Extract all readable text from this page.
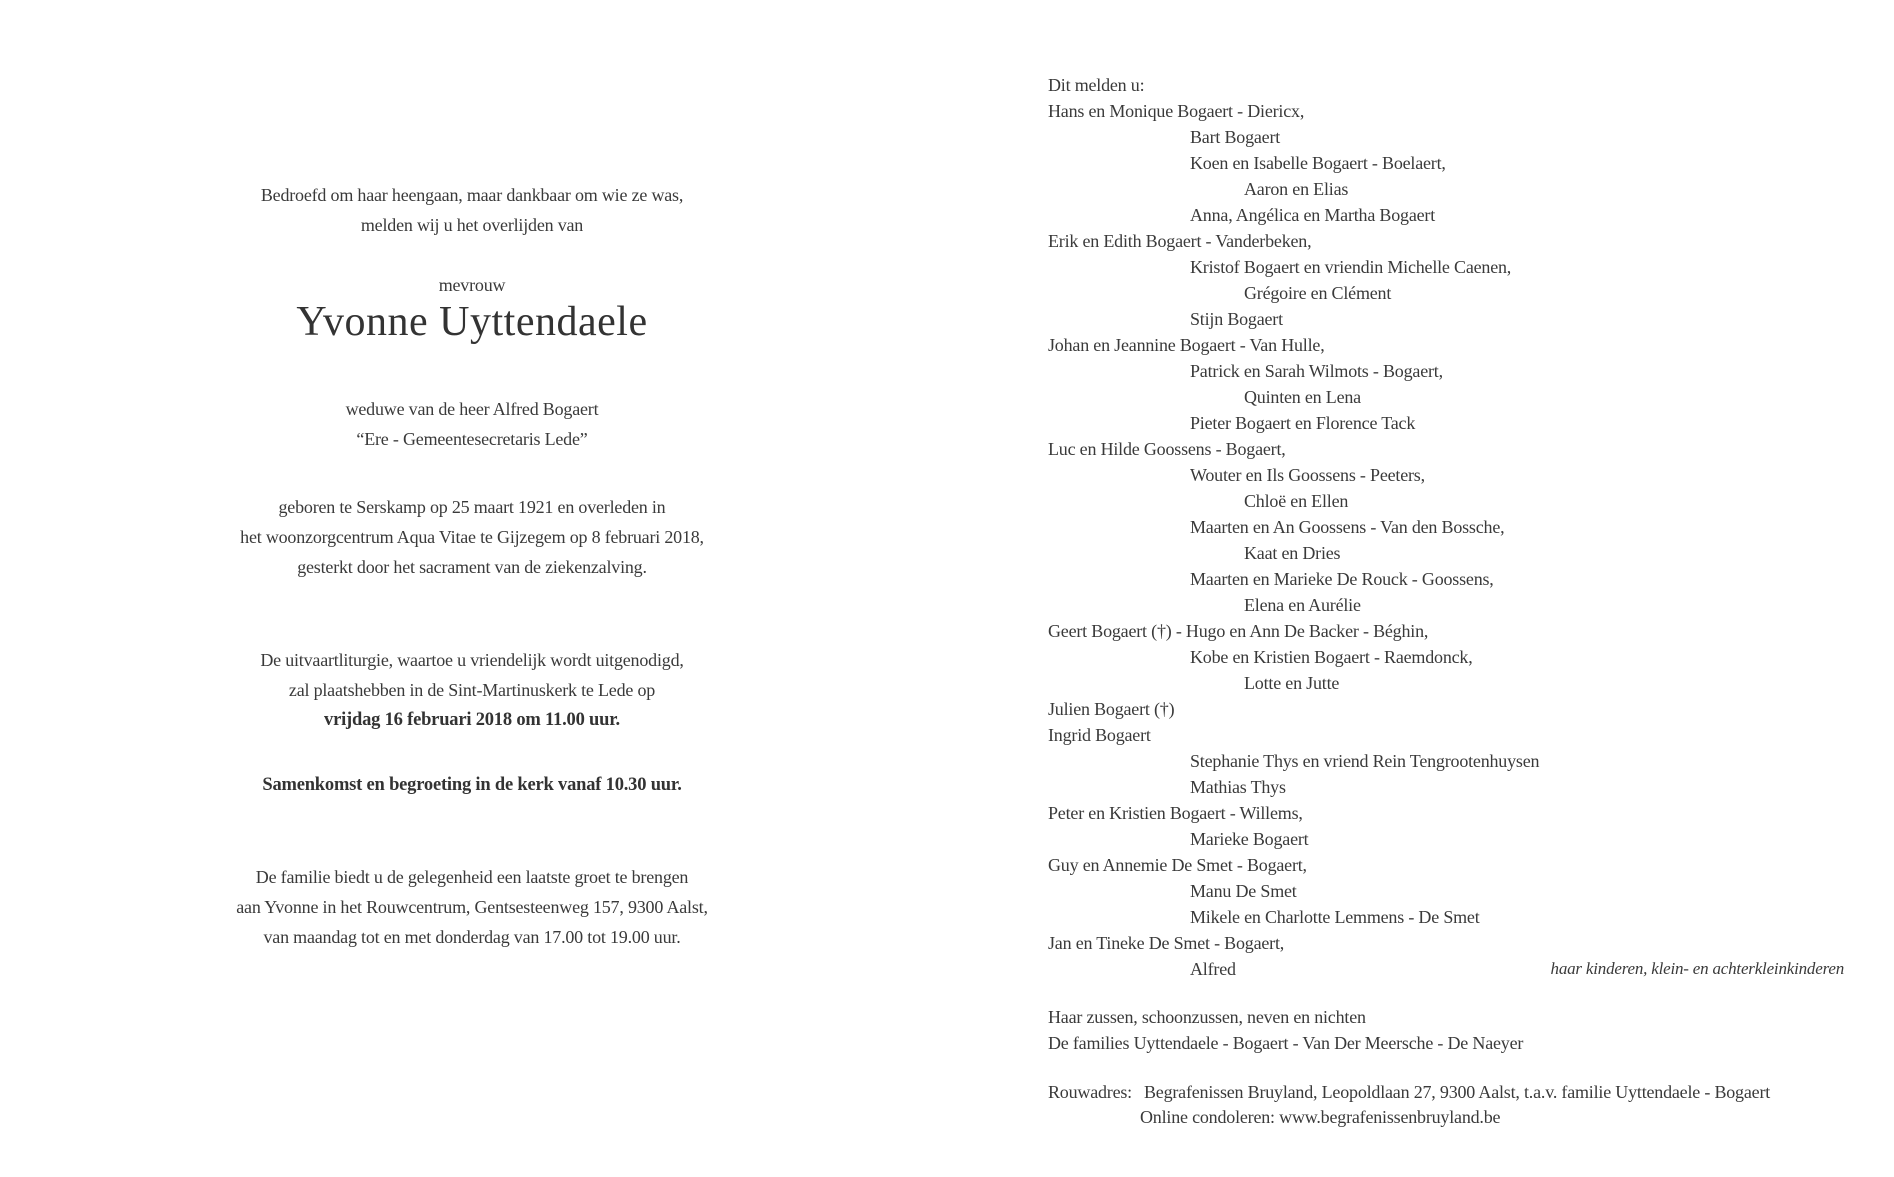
Bedroefd om haar heengaan, maar dankbaar om wie ze was,
melden wij u het overlijden van
mevrouw
Yvonne Uyttendaele
weduwe van de heer Alfred Bogaert
“Ere - Gemeentesecretaris Lede”
geboren te Serskamp op 25 maart 1921 en overleden in
het woonzorgcentrum Aqua Vitae te Gijzegem op 8 februari 2018,
gesterkt door het sacrament van de ziekenzalving.
De uitvaartliturgie, waartoe u vriendelijk wordt uitgenodigd,
zal plaatshebben in de Sint-Martinuskerk te Lede op
vrijdag 16 februari 2018 om 11.00 uur.
Samenkomst en begroeting in de kerk vanaf 10.30 uur.
De familie biedt u de gelegenheid een laatste groet te brengen
aan Yvonne in het Rouwcentrum, Gentsesteenweg 157, 9300 Aalst,
van maandag tot en met donderdag van 17.00 tot 19.00 uur.
Dit melden u:
Hans en Monique Bogaert - Diericx,
Bart Bogaert
Koen en Isabelle Bogaert - Boelaert,
Aaron en Elias
Anna, Angélica en Martha Bogaert
Erik en Edith Bogaert - Vanderbeken,
Kristof Bogaert en vriendin Michelle Caenen,
Grégoire en Clément
Stijn Bogaert
Johan en Jeannine Bogaert - Van Hulle,
Patrick en Sarah Wilmots - Bogaert,
Quinten en Lena
Pieter Bogaert en Florence Tack
Luc en Hilde Goossens - Bogaert,
Wouter en Ils Goossens - Peeters,
Chloë en Ellen
Maarten en An Goossens - Van den Bossche,
Kaat en Dries
Maarten en Marieke De Rouck - Goossens,
Elena en Aurélie
Geert Bogaert (†) - Hugo en Ann De Backer - Béghin,
Kobe en Kristien Bogaert - Raemdonck,
Lotte en Jutte
Julien Bogaert (†)
Ingrid Bogaert
Stephanie Thys en vriend Rein Tengrootenhuysen
Mathias Thys
Peter en Kristien Bogaert - Willems,
Marieke Bogaert
Guy en Annemie De Smet - Bogaert,
Manu De Smet
Mikele en Charlotte Lemmens - De Smet
Jan en Tineke De Smet - Bogaert,
Alfred	haar kinderen, klein- en achterkleinkinderen
Haar zussen, schoonzussen, neven en nichten
De families Uyttendaele - Bogaert - Van Der Meersche - De Naeyer
Rouwadres: Begrafenissen Bruyland, Leopoldlaan 27, 9300 Aalst, t.a.v. familie Uyttendaele - Bogaert
Online condoleren: www.begrafenissenbruyland.be
